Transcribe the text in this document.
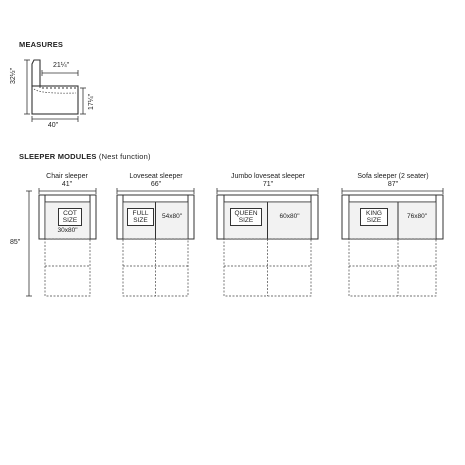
MEASURES
21¼"
32½"
17¼"
40"
SLEEPER MODULES (Nest function)
85"
Chair sleeper
41"
Loveseat sleeper
66"
Jumbo loveseat sleeper
71"
Sofa sleeper (2 seater)
87"
COT SIZE
30x80"
FULL SIZE
54x80"	QUEEN SIZE
60x80"	KING SIZE
76x80"
